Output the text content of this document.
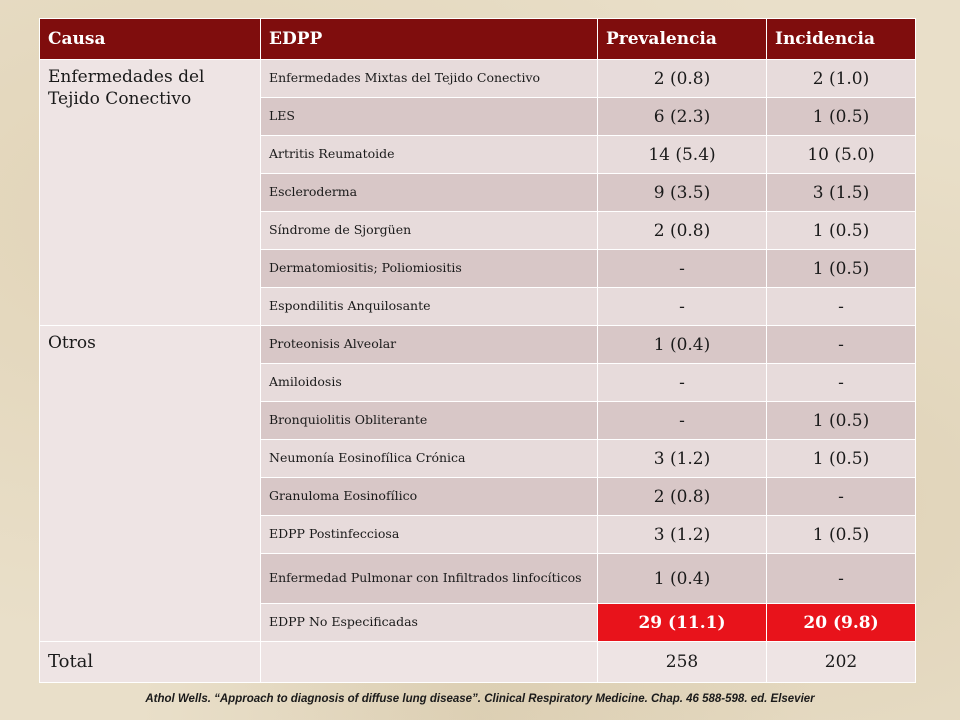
Causa	EDPP	Prevalencia	Incidencia
Enfermedades del Tejido Conectivo	Enfermedades Mixtas del Tejido Conectivo	2 (0.8)	2 (1.0)
	LES	6 (2.3)	1 (0.5)
	Artritis Reumatoide	14 (5.4)	10 (5.0)
	Escleroderma	9 (3.5)	3 (1.5)
	Síndrome de Sjorgüen	2 (0.8)	1 (0.5)
	Dermatomiositis; Poliomiositis	-	1 (0.5)
	Espondilitis Anquilosante	-	-
Otros	Proteonisis Alveolar	1 (0.4)	-
	Amiloidosis	-	-
	Bronquiolitis Obliterante	-	1 (0.5)
	Neumonía Eosinofílica Crónica	3 (1.2)	1 (0.5)
	Granuloma Eosinofílico	2 (0.8)	-
	EDPP Postinfecciosa	3 (1.2)	1 (0.5)
	Enfermedad Pulmonar con Infiltrados linfocíticos	1 (0.4)	-
	EDPP No Especificadas	29 (11.1)	20 (9.8)
Total		258	202
Athol Wells. “Approach to diagnosis of diffuse lung disease”. Clinical Respiratory Medicine. Chap. 46 588-598. ed. Elsevier
